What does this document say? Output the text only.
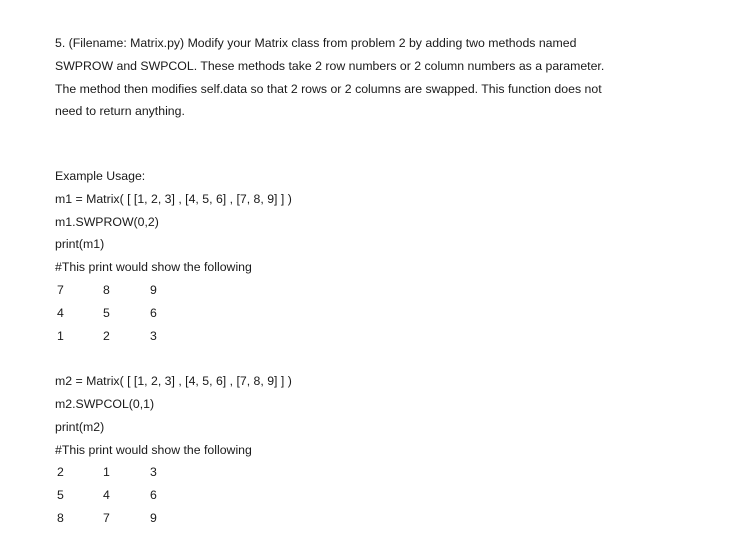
5. (Filename: Matrix.py) Modify your Matrix class from problem 2 by adding two methods named
SWPROW and SWPCOL. These methods take 2 row numbers or 2 column numbers as a parameter.
The method then modifies self.data so that 2 rows or 2 columns are swapped. This function does not
need to return anything.
Example Usage:
m1 = Matrix( [ [1, 2, 3] , [4, 5, 6] , [7, 8, 9] ] )
m1.SWPROW(0,2)
print(m1)
#This print would show the following
7	8	9
4	5	6
1	2	3
m2 = Matrix( [ [1, 2, 3] , [4, 5, 6] , [7, 8, 9] ] )
m2.SWPCOL(0,1)
print(m2)
#This print would show the following
2	1	3
5	4	6
8	7	9
